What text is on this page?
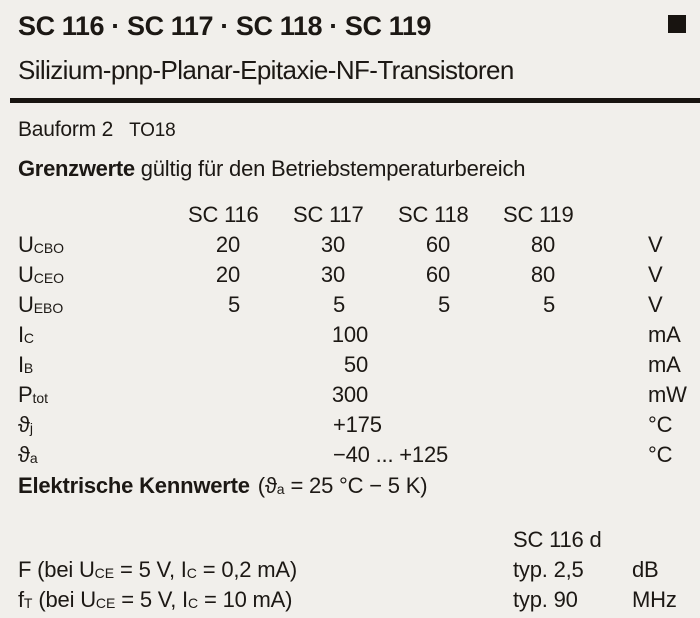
SC 116 · SC 117 · SC 118 · SC 119
Silizium-pnp-Planar-Epitaxie-NF-Transistoren
Bauform 2 TO18
Grenzwerte gültig für den Betriebstemperaturbereich
SC 116	SC 117	SC 118	SC 119
UCBO	20	30	60	80	V
UCEO	20	30	60	80	V
UEBO	5	5	5	5	V
IC	100	mA
IB	50	mA
Ptot	300	mW
ϑj	+175	°C
ϑa	−40 ... +125	°C
Elektrische Kennwerte (ϑa = 25 °C − 5 K)
SC 116 d
F (bei UCE = 5 V, IC = 0,2 mA)	typ. 2,5	dB
fT (bei UCE = 5 V, IC = 10 mA)	typ. 90	MHz
